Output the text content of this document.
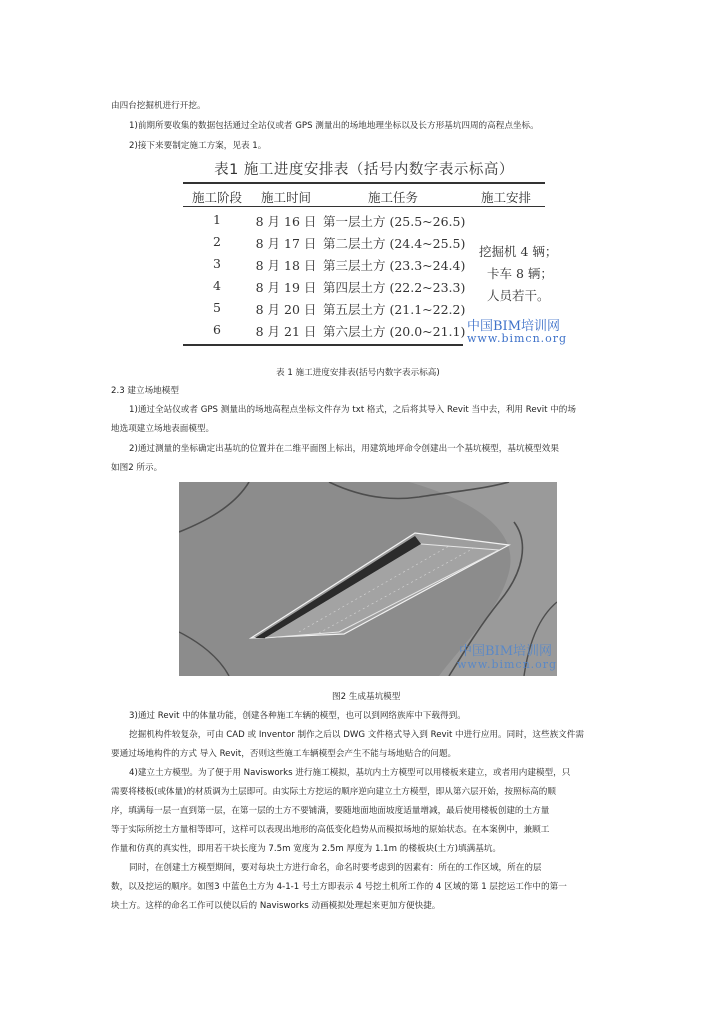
由四台挖掘机进行开挖。
1)前期所要收集的数据包括通过全站仪或者 GPS 测量出的场地地理坐标以及长方形基坑四周的高程点坐标。
2)接下来要制定施工方案，见表 1。
表1 施工进度安排表（括号内数字表示标高）
施工阶段	施工时间	施工任务	施工安排
1	8 月 16 日 第一层土方 (25.5~26.5)
2	8 月 17 日 第二层土方 (24.4~25.5)
3	8 月 18 日 第三层土方 (23.3~24.4)
4	8 月 19 日 第四层土方 (22.2~23.3)
5	8 月 20 日 第五层土方 (21.1~22.2)
6	8 月 21 日 第六层土方 (20.0~21.1)
挖掘机 4 辆；
卡车 8 辆；
人员若干。
中国BIM培训网
www.bimcn.org
表 1 施工进度安排表(括号内数字表示标高)
2.3 建立场地模型
1)通过全站仪或者 GPS 测量出的场地高程点坐标文件存为 txt 格式，之后将其导入 Revit 当中去，利用 Revit 中的场
地选项建立场地表面模型。
2)通过测量的坐标确定出基坑的位置并在二维平面图上标出，用建筑地坪命令创建出一个基坑模型，基坑模型效果
如图2 所示。
中国BIM培训网
www.bimcn.org
图2 生成基坑模型
3)通过 Revit 中的体量功能，创建各种施工车辆的模型，也可以到网络族库中下载得到。
挖掘机构件较复杂，可由 CAD 或 Inventor 制作之后以 DWG 文件格式导入到 Revit 中进行应用。同时，这些族文件需
要通过场地构件的方式 导入 Revit，否则这些施工车辆模型会产生不能与场地贴合的问题。
4)建立土方模型。为了便于用 Navisworks 进行施工模拟，基坑内土方模型可以用楼板来建立，或者用内建模型，只
需要将楼板(或体量)的材质调为土层即可。由实际土方挖运的顺序逆向建立土方模型，即从第六层开始，按照标高的顺
序，填满每一层一直到第一层，在第一层的土方不要铺满，要随地面地面坡度适量增减，最后使用楼板创建的土方量
等于实际所挖土方量相等即可，这样可以表现出地形的高低变化趋势从而模拟场地的原始状态。在本案例中，兼顾工
作量和仿真的真实性，即用若干块长度为 7.5m 宽度为 2.5m 厚度为 1.1m 的楼板块(土方)填满基坑。
同时，在创建土方模型期间，要对每块土方进行命名，命名时要考虑到的因素有：所在的工作区域，所在的层
数，以及挖运的顺序。如图3 中蓝色土方为 4-1-1 号土方即表示 4 号挖土机所工作的 4 区域的第 1 层挖运工作中的第一
块土方。这样的命名工作可以使以后的 Navisworks 动画模拟处理起来更加方便快捷。
